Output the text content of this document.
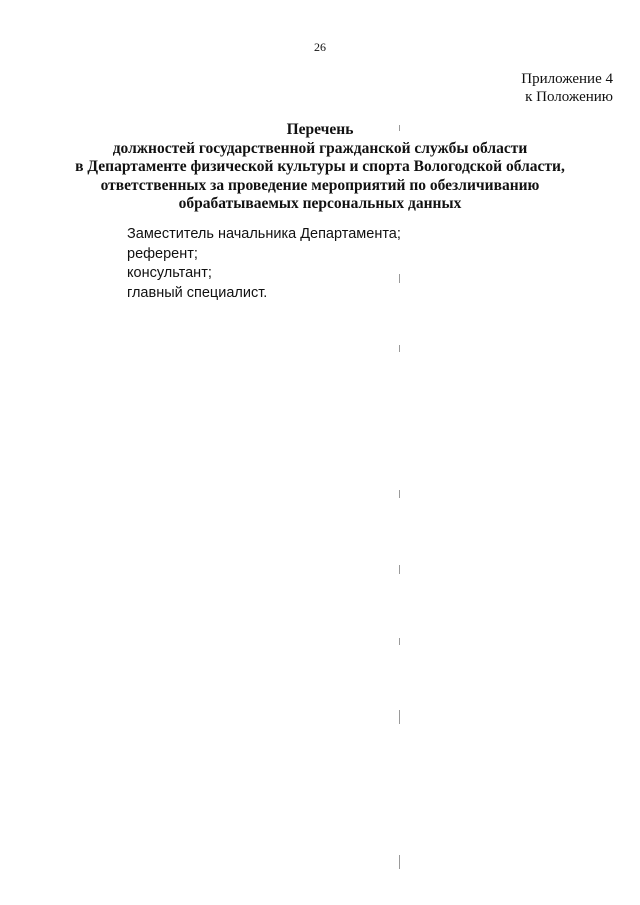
26
Приложение 4
к Положению
Перечень
должностей государственной гражданской службы области
в Департаменте физической культуры и спорта Вологодской области,
ответственных за проведение мероприятий по обезличиванию
обрабатываемых персональных данных
Заместитель начальника Департамента;
референт;
консультант;
главный специалист.
